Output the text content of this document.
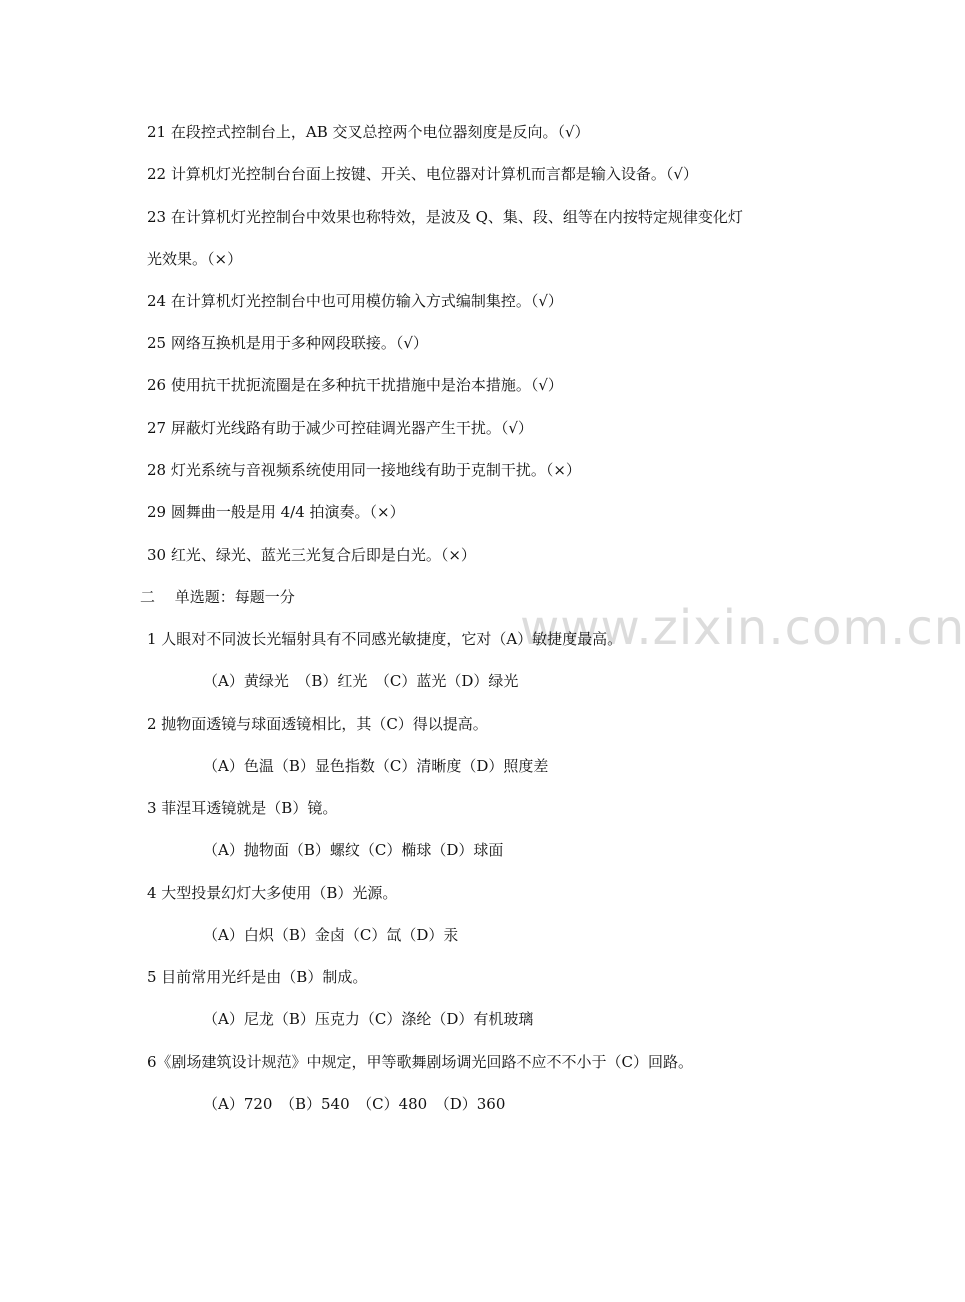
www.zixin.com.cn
21 在段控式控制台上，AB 交叉总控两个电位器刻度是反向。（√）
22 计算机灯光控制台台面上按键、开关、电位器对计算机而言都是输入设备。（√）
23 在计算机灯光控制台中效果也称特效，是波及 Q、集、段、组等在内按特定规律变化灯
光效果。（×）
24 在计算机灯光控制台中也可用模仿输入方式编制集控。（√）
25 网络互换机是用于多种网段联接。（√）
26 使用抗干扰扼流圈是在多种抗干扰措施中是治本措施。（√）
27 屏蔽灯光线路有助于减少可控硅调光器产生干扰。（√）
28 灯光系统与音视频系统使用同一接地线有助于克制干扰。（×）
29 圆舞曲一般是用 4/4 拍演奏。（×）
30 红光、绿光、蓝光三光复合后即是白光。（×）
二　 单选题：每题一分
1 人眼对不同波长光辐射具有不同感光敏捷度，它对（A）敏捷度最高。
（A）黄绿光　（B）红光　（C）蓝光（D）绿光
2 抛物面透镜与球面透镜相比，其（C）得以提高。
（A）色温（B）显色指数（C）清晰度（D）照度差
3 菲涅耳透镜就是（B）镜。
（A）抛物面（B）螺纹（C）椭球（D）球面
4 大型投景幻灯大多使用（B）光源。
（A）白炽（B）金卤（C）氙（D）汞
5 目前常用光纤是由（B）制成。
（A）尼龙（B）压克力（C）涤纶（D）有机玻璃
6《剧场建筑设计规范》中规定，甲等歌舞剧场调光回路不应不不小于（C）回路。
（A）720　（B）540　（C）480　（D）360
